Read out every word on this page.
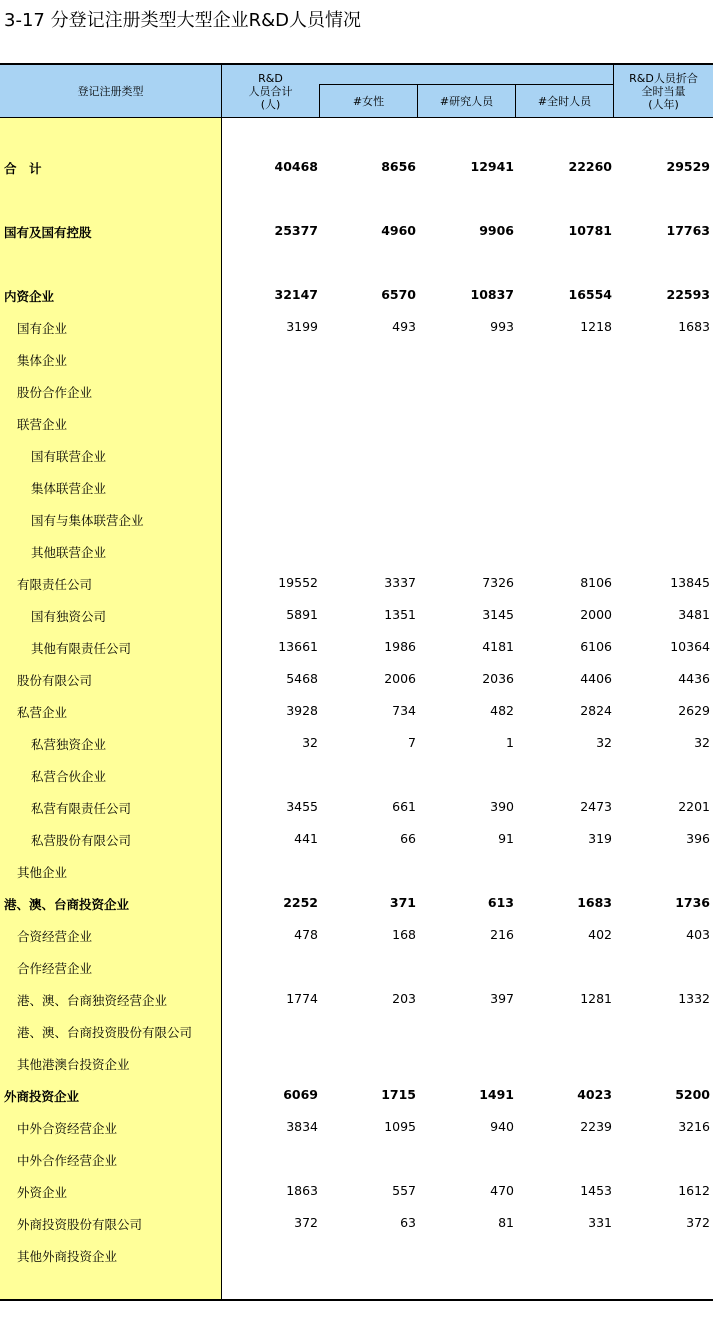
3-17 分登记注册类型大型企业R&D人员情况
登记注册类型
R&D
人员合计
(人)	#女性	#研究人员	#全时人员
R&D人员折合
全时当量
(人年)
合　计	40468	8656	12941	22260	29529
国有及国有控股	25377	4960	9906	10781	17763
内资企业	32147	6570	10837	16554	22593
国有企业	3199	493	993	1218	1683
集体企业
股份合作企业
联营企业
国有联营企业
集体联营企业
国有与集体联营企业
其他联营企业
有限责任公司	19552	3337	7326	8106	13845
国有独资公司	5891	1351	3145	2000	3481
其他有限责任公司	13661	1986	4181	6106	10364
股份有限公司	5468	2006	2036	4406	4436
私营企业	3928	734	482	2824	2629
私营独资企业	32	7	1	32	32
私营合伙企业
私营有限责任公司	3455	661	390	2473	2201
私营股份有限公司	441	66	91	319	396
其他企业
港、澳、台商投资企业	2252	371	613	1683	1736
合资经营企业	478	168	216	402	403
合作经营企业
港、澳、台商独资经营企业	1774	203	397	1281	1332
港、澳、台商投资股份有限公司
其他港澳台投资企业
外商投资企业	6069	1715	1491	4023	5200
中外合资经营企业	3834	1095	940	2239	3216
中外合作经营企业
外资企业	1863	557	470	1453	1612
外商投资股份有限公司	372	63	81	331	372
其他外商投资企业
